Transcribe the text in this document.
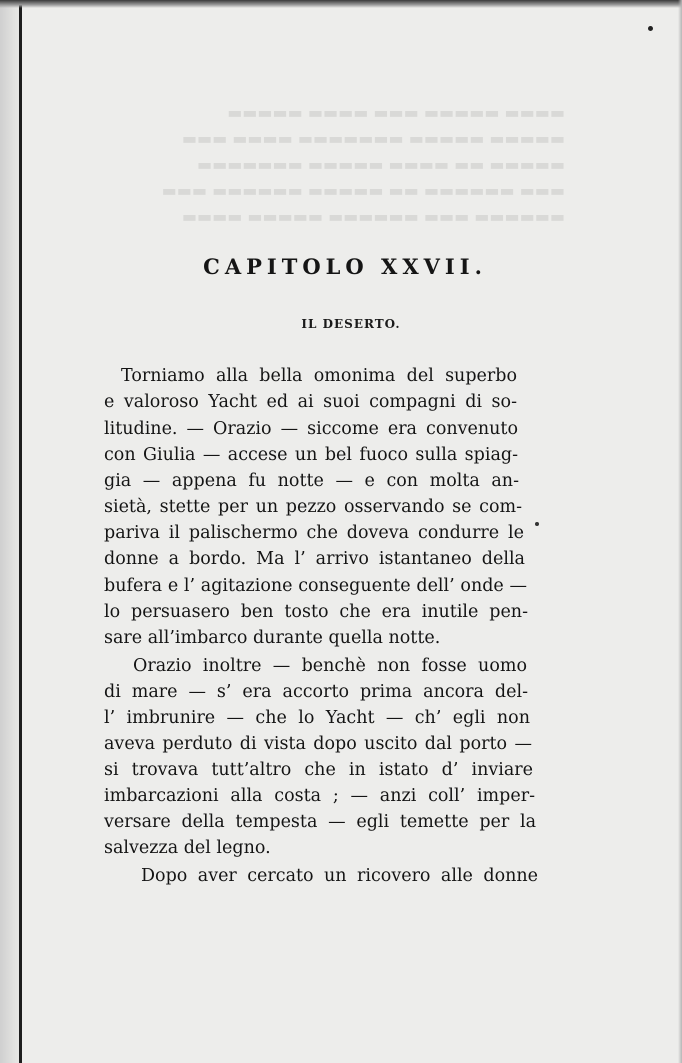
▬▬▬▬ ▬▬▬▬▬ ▬▬▬ ▬▬▬▬ ▬▬▬▬▬
▬▬▬▬▬ ▬▬▬▬▬ ▬▬▬▬▬▬▬ ▬▬▬▬ ▬▬▬
▬▬▬▬▬ ▬▬ ▬▬▬▬ ▬▬▬▬▬ ▬▬▬▬▬▬▬
▬▬▬ ▬▬▬▬▬▬ ▬▬ ▬▬▬▬▬ ▬▬▬▬▬▬ ▬▬▬
▬▬▬▬▬▬ ▬▬▬ ▬▬▬▬▬▬ ▬▬▬▬▬ ▬▬▬▬
CAPITOLO XXVII.
IL DESERTO.
Torniamo alla bella omonima del superbo
e valoroso Yacht ed ai suoi compagni di so-
litudine. — Orazio — siccome era convenuto
con Giulia — accese un bel fuoco sulla spiag-
gia — appena fu notte — e con molta an-
sietà, stette per un pezzo osservando se com-
pariva il palischermo che doveva condurre le
donne a bordo. Ma l’ arrivo istantaneo della
bufera e l’ agitazione conseguente dell’ onde —
lo persuasero ben tosto che era inutile pen-
sare all’imbarco durante quella notte.
Orazio inoltre — benchè non fosse uomo
di mare — s’ era accorto prima ancora del-
l’ imbrunire — che lo Yacht — ch’ egli non
aveva perduto di vista dopo uscito dal porto —
si trovava tutt’altro che in istato d’ inviare
imbarcazioni alla costa ; — anzi coll’ imper-
versare della tempesta — egli temette per la
salvezza del legno.
Dopo aver cercato un ricovero alle donne
